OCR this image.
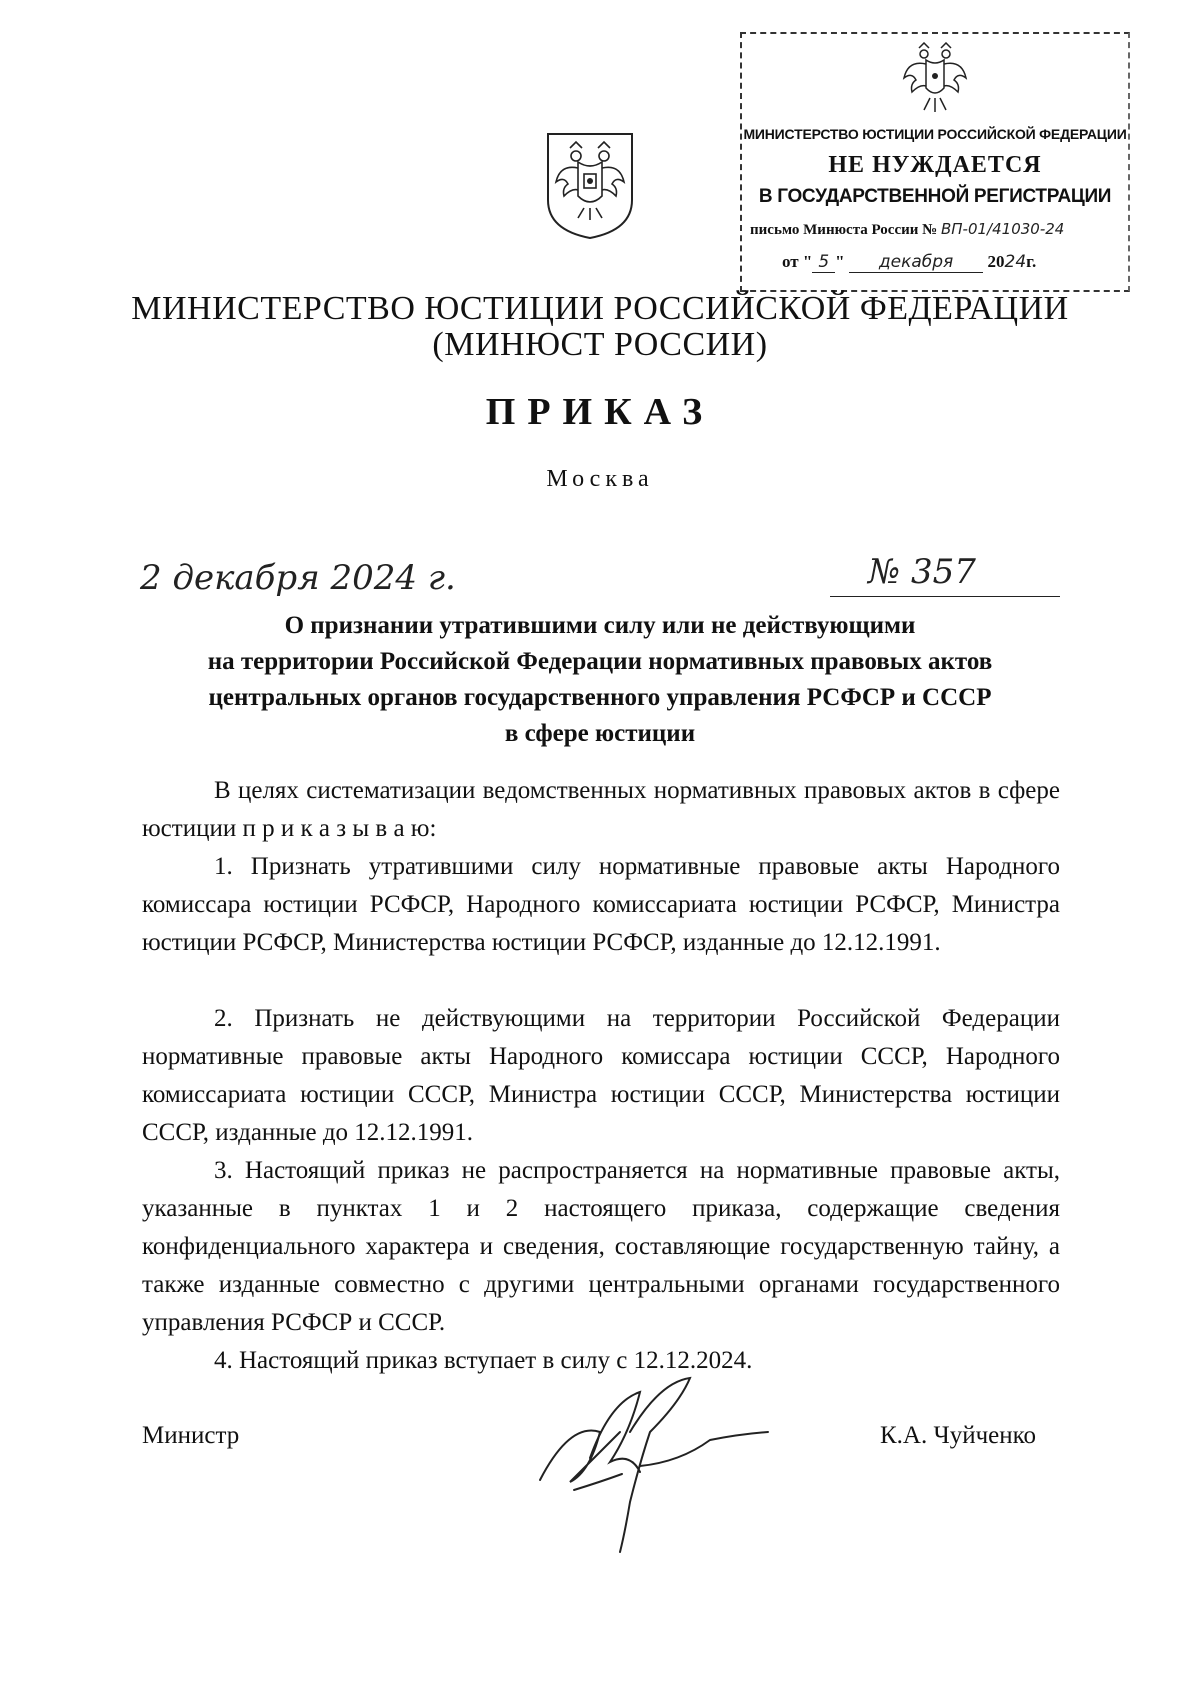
МИНИСТЕРСТВО ЮСТИЦИИ РОССИЙСКОЙ ФЕДЕРАЦИИ
НЕ НУЖДАЕТСЯ
В ГОСУДАРСТВЕННОЙ РЕГИСТРАЦИИ
письмо Минюста России № ВП-01/41030-24
от " 5 " декабря 2024г.
МИНИСТЕРСТВО ЮСТИЦИИ РОССИЙСКОЙ ФЕДЕРАЦИИ
(МИНЮСТ РОССИИ)
ПРИКАЗ
Москва
2 декабря 2024 г.	№ 357
О признании утратившими силу или не действующими
на территории Российской Федерации нормативных правовых актов
центральных органов государственного управления РСФСР и СССР
в сфере юстиции
В целях систематизации ведомственных нормативных правовых актов в сфере юстиции п р и к а з ы в а ю:
1. Признать утратившими силу нормативные правовые акты Народного комиссара юстиции РСФСР, Народного комиссариата юстиции РСФСР, Министра юстиции РСФСР, Министерства юстиции РСФСР, изданные до 12.12.1991.
2. Признать не действующими на территории Российской Федерации нормативные правовые акты Народного комиссара юстиции СССР, Народного комиссариата юстиции СССР, Министра юстиции СССР, Министерства юстиции СССР, изданные до 12.12.1991.
3. Настоящий приказ не распространяется на нормативные правовые акты, указанные в пунктах 1 и 2 настоящего приказа, содержащие сведения конфиденциального характера и сведения, составляющие государственную тайну, а также изданные совместно с другими центральными органами государственного управления РСФСР и СССР.
4. Настоящий приказ вступает в силу с 12.12.2024.
Министр	К.А. Чуйченко
